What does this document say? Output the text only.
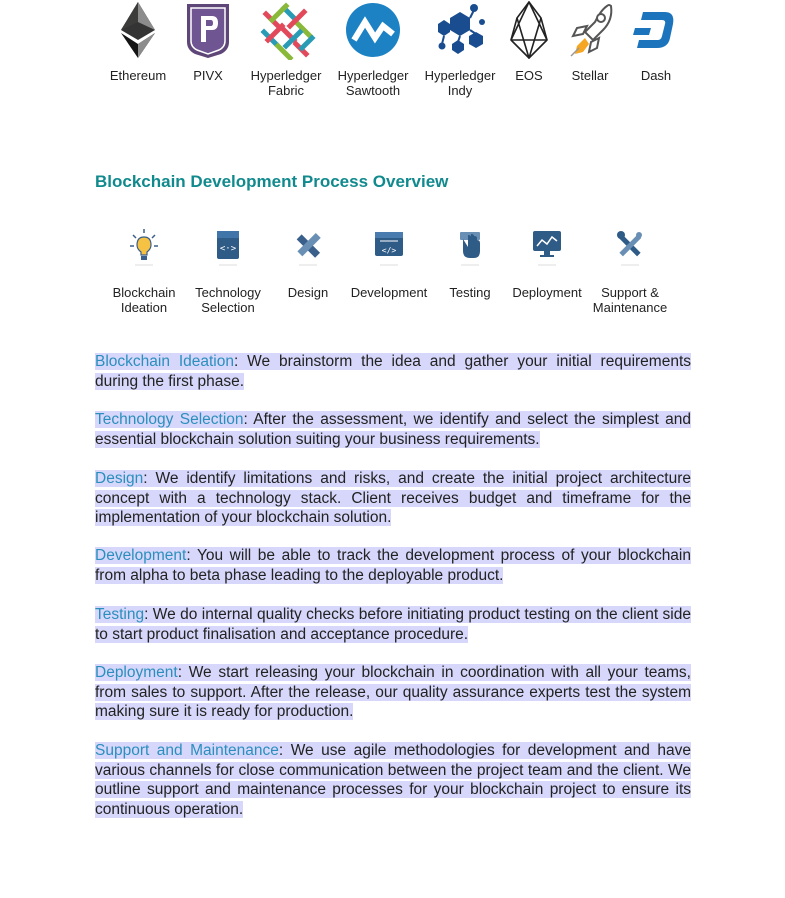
Ethereum	PIVX	Hyperledger
Fabric
Hyperledger
Sawtooth
Hyperledger
Indy
EOS	Stellar	Dash
Blockchain Development Process Overview
Blockchain
Ideation
<·>
Technology
Selection
Design
</>
Development	Testing	Deployment	Support &
Maintenance
Blockchain Ideation: We brainstorm the idea and gather your initial requirements during the first phase.
Technology Selection: After the assessment, we identify and select the simplest and essential blockchain solution suiting your business requirements.
Design: We identify limitations and risks, and create the initial project architecture concept with a technology stack. Client receives budget and timeframe for the implementation of your blockchain solution.
Development: You will be able to track the development process of your blockchain from alpha to beta phase leading to the deployable product.
Testing: We do internal quality checks before initiating product testing on the client side to start product finalisation and acceptance procedure.
Deployment: We start releasing your blockchain in coordination with all your teams, from sales to support. After the release, our quality assurance experts test the system making sure it is ready for production.
Support and Maintenance: We use agile methodologies for development and have various channels for close communication between the project team and the client. We outline support and maintenance processes for your blockchain project to ensure its continuous operation.
